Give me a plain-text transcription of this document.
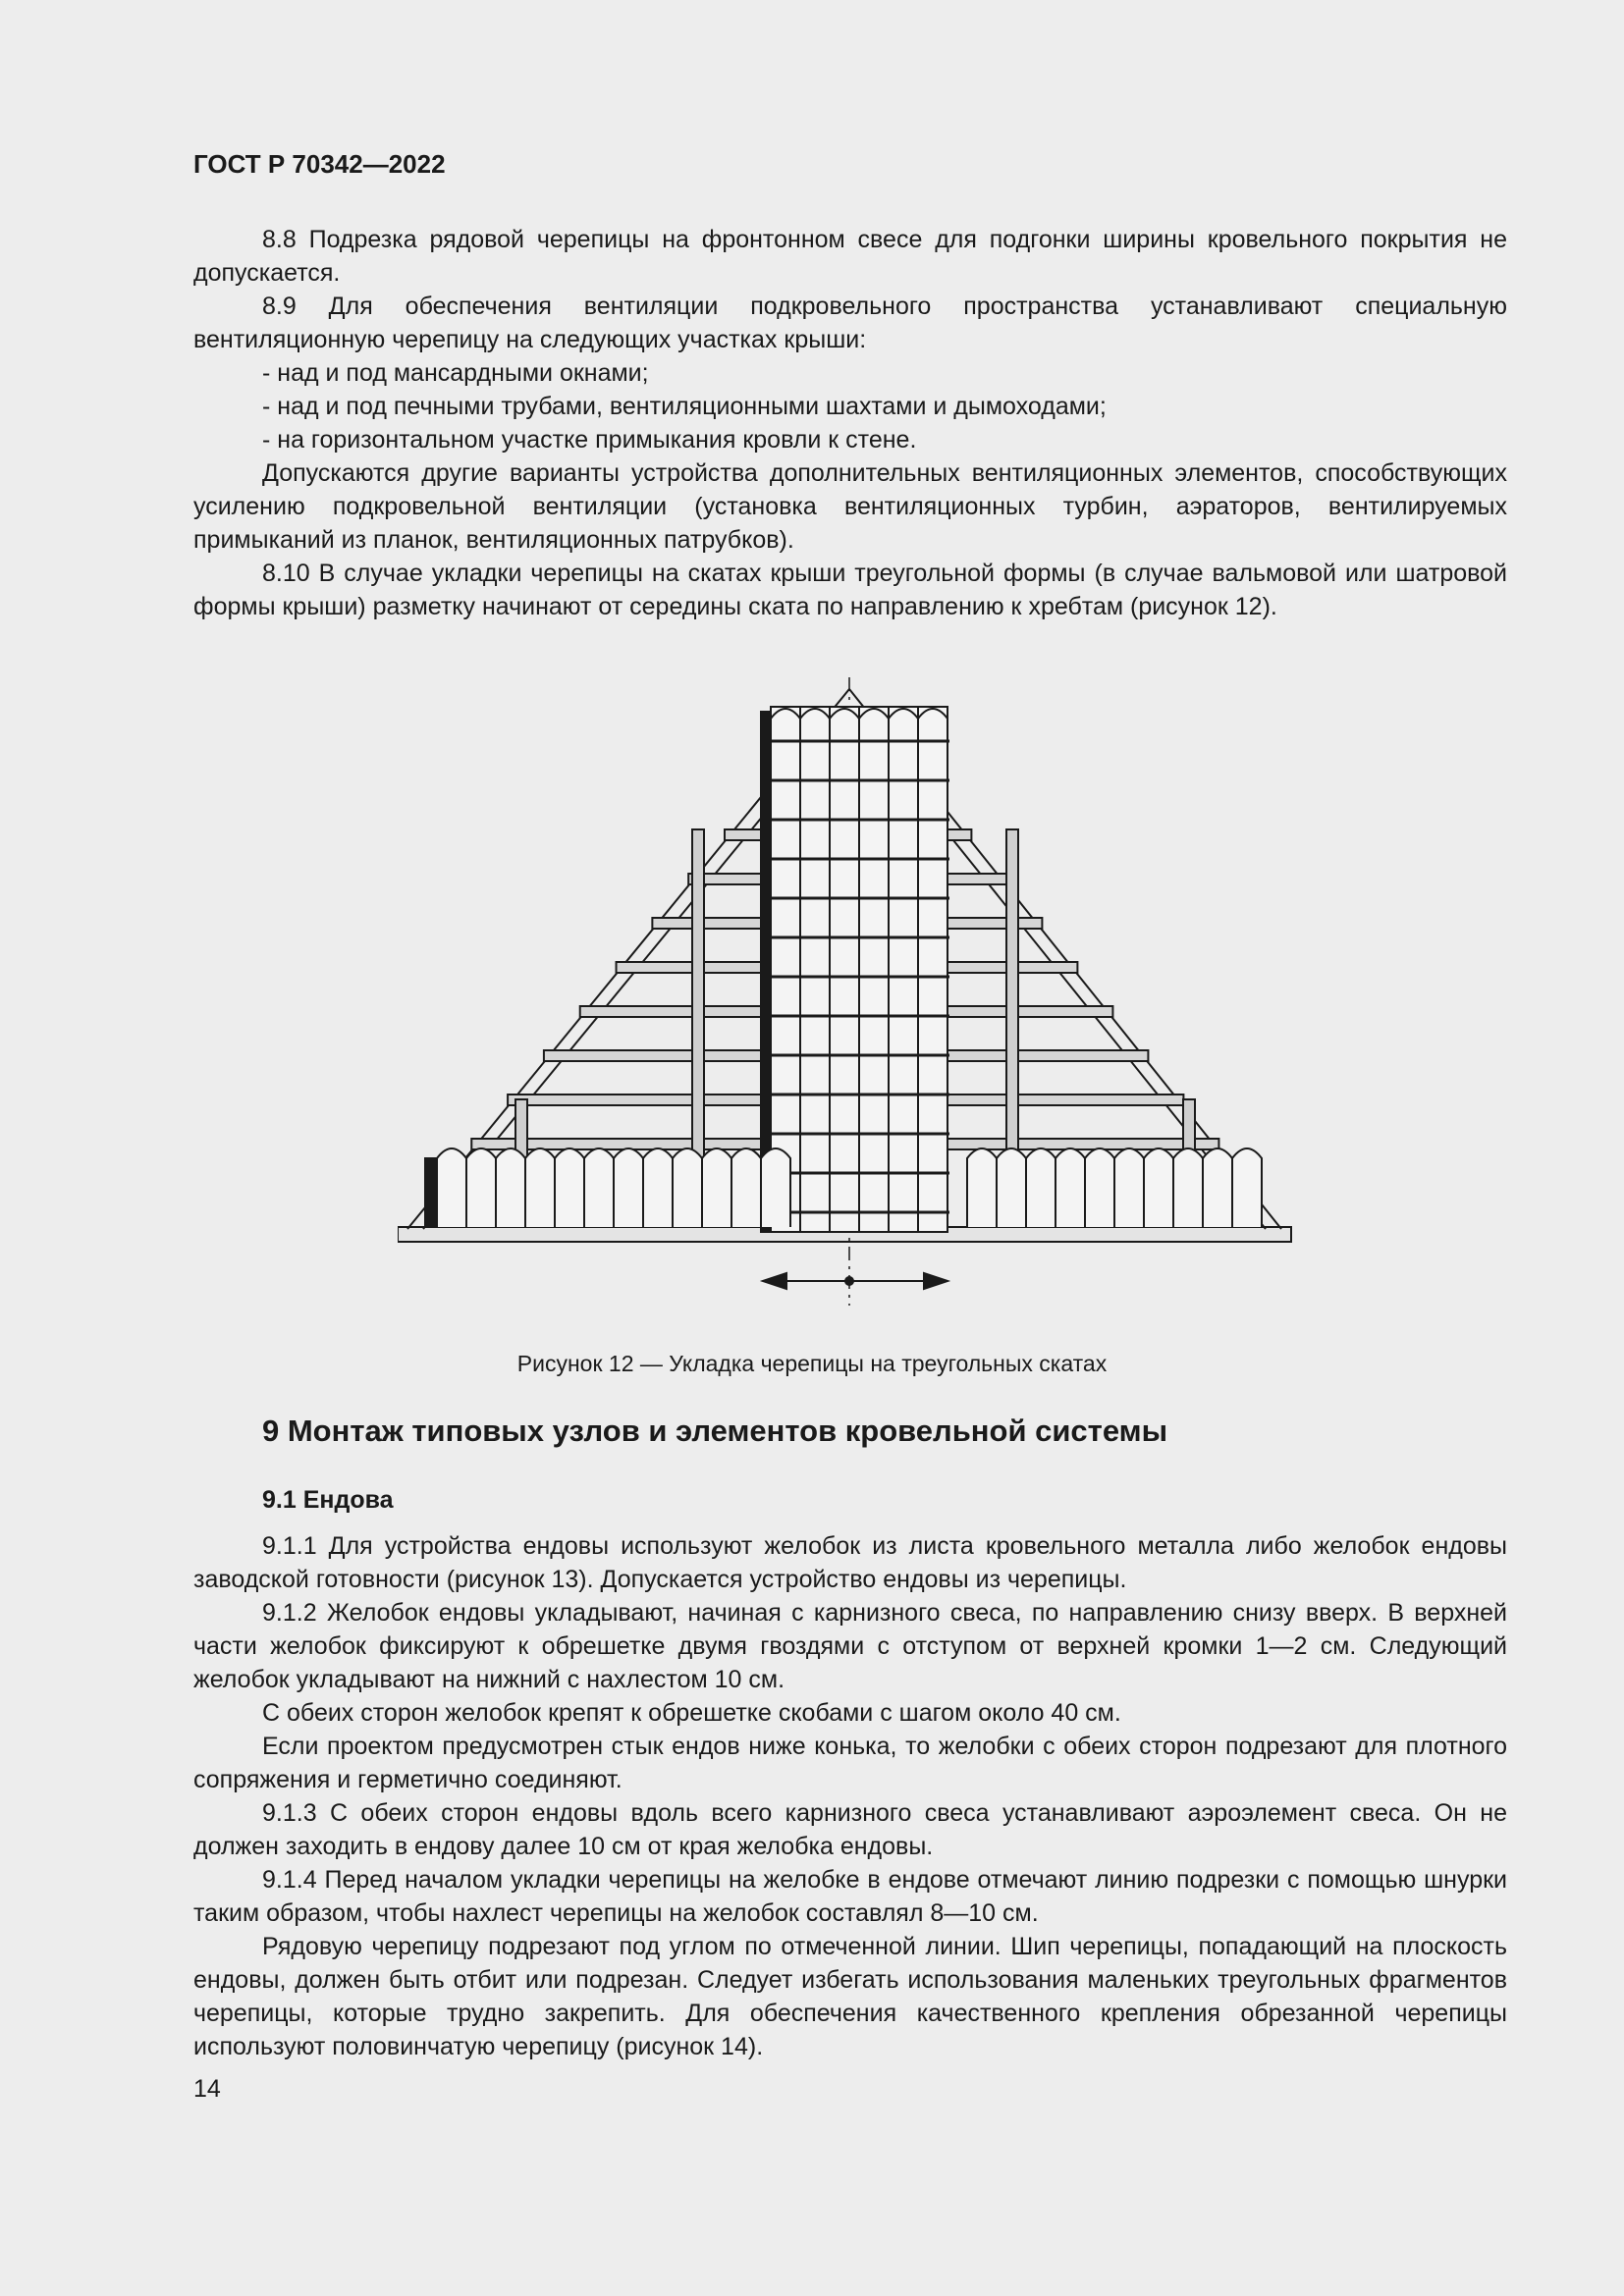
ГОСТ Р 70342—2022

8.8 Подрезка рядовой черепицы на фронтонном свесе для подгонки ширины кровельного покрытия не допускается.

8.9 Для обеспечения вентиляции подкровельного пространства устанавливают специальную вентиляционную черепицу на следующих участках крыши:

- над и под мансардными окнами;

- над и под печными трубами, вентиляционными шахтами и дымоходами;

- на горизонтальном участке примыкания кровли к стене.

Допускаются другие варианты устройства дополнительных вентиляционных элементов, способствующих усилению подкровельной вентиляции (установка вентиляционных турбин, аэраторов, вентилируемых примыканий из планок, вентиляционных патрубков).

8.10 В случае укладки черепицы на скатах крыши треугольной формы (в случае вальмовой или шатровой формы крыши) разметку начинают от середины ската по направлению к хребтам (рисунок 12).

Рисунок 12 — Укладка черепицы на треугольных скатах
9 Монтаж типовых узлов и элементов кровельной системы
9.1 Ендова

9.1.1 Для устройства ендовы используют желобок из листа кровельного металла либо желобок ендовы заводской готовности (рисунок 13). Допускается устройство ендовы из черепицы.

9.1.2 Желобок ендовы укладывают, начиная с карнизного свеса, по направлению снизу вверх. В верхней части желобок фиксируют к обрешетке двумя гвоздями с отступом от верхней кромки 1—2 см. Следующий желобок укладывают на нижний с нахлестом 10 см.

С обеих сторон желобок крепят к обрешетке скобами с шагом около 40 см.

Если проектом предусмотрен стык ендов ниже конька, то желобки с обеих сторон подрезают для плотного сопряжения и герметично соединяют.

9.1.3 С обеих сторон ендовы вдоль всего карнизного свеса устанавливают аэроэлемент свеса. Он не должен заходить в ендову далее 10 см от края желобка ендовы.

9.1.4 Перед началом укладки черепицы на желобке в ендове отмечают линию подрезки с помощью шнурки таким образом, чтобы нахлест черепицы на желобок составлял 8—10 см.

Рядовую черепицу подрезают под углом по отмеченной линии. Шип черепицы, попадающий на плоскость ендовы, должен быть отбит или подрезан. Следует избегать использования маленьких треугольных фрагментов черепицы, которые трудно закрепить. Для обеспечения качественного крепления обрезанной черепицы используют половинчатую черепицу (рисунок 14).

14
